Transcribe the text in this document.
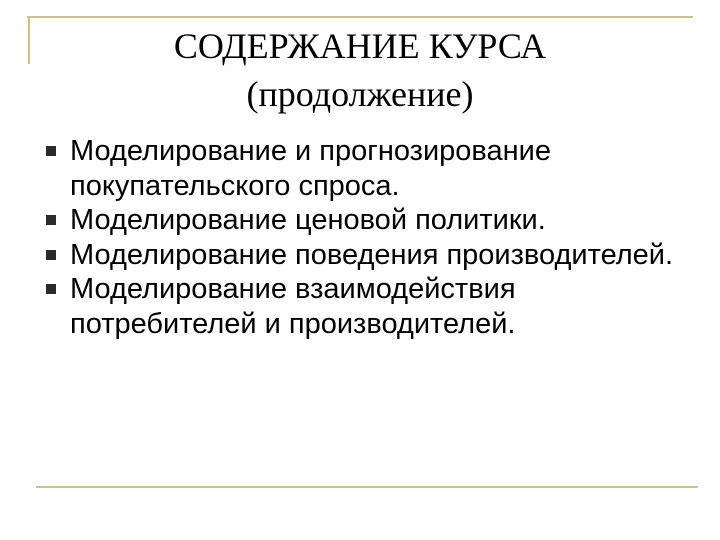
СОДЕРЖАНИЕ КУРСА
(продолжение)
Моделирование и прогнозирование покупательского спроса.
Моделирование ценовой политики.
Моделирование поведения производителей.
Моделирование взаимодействия потребителей и производителей.
